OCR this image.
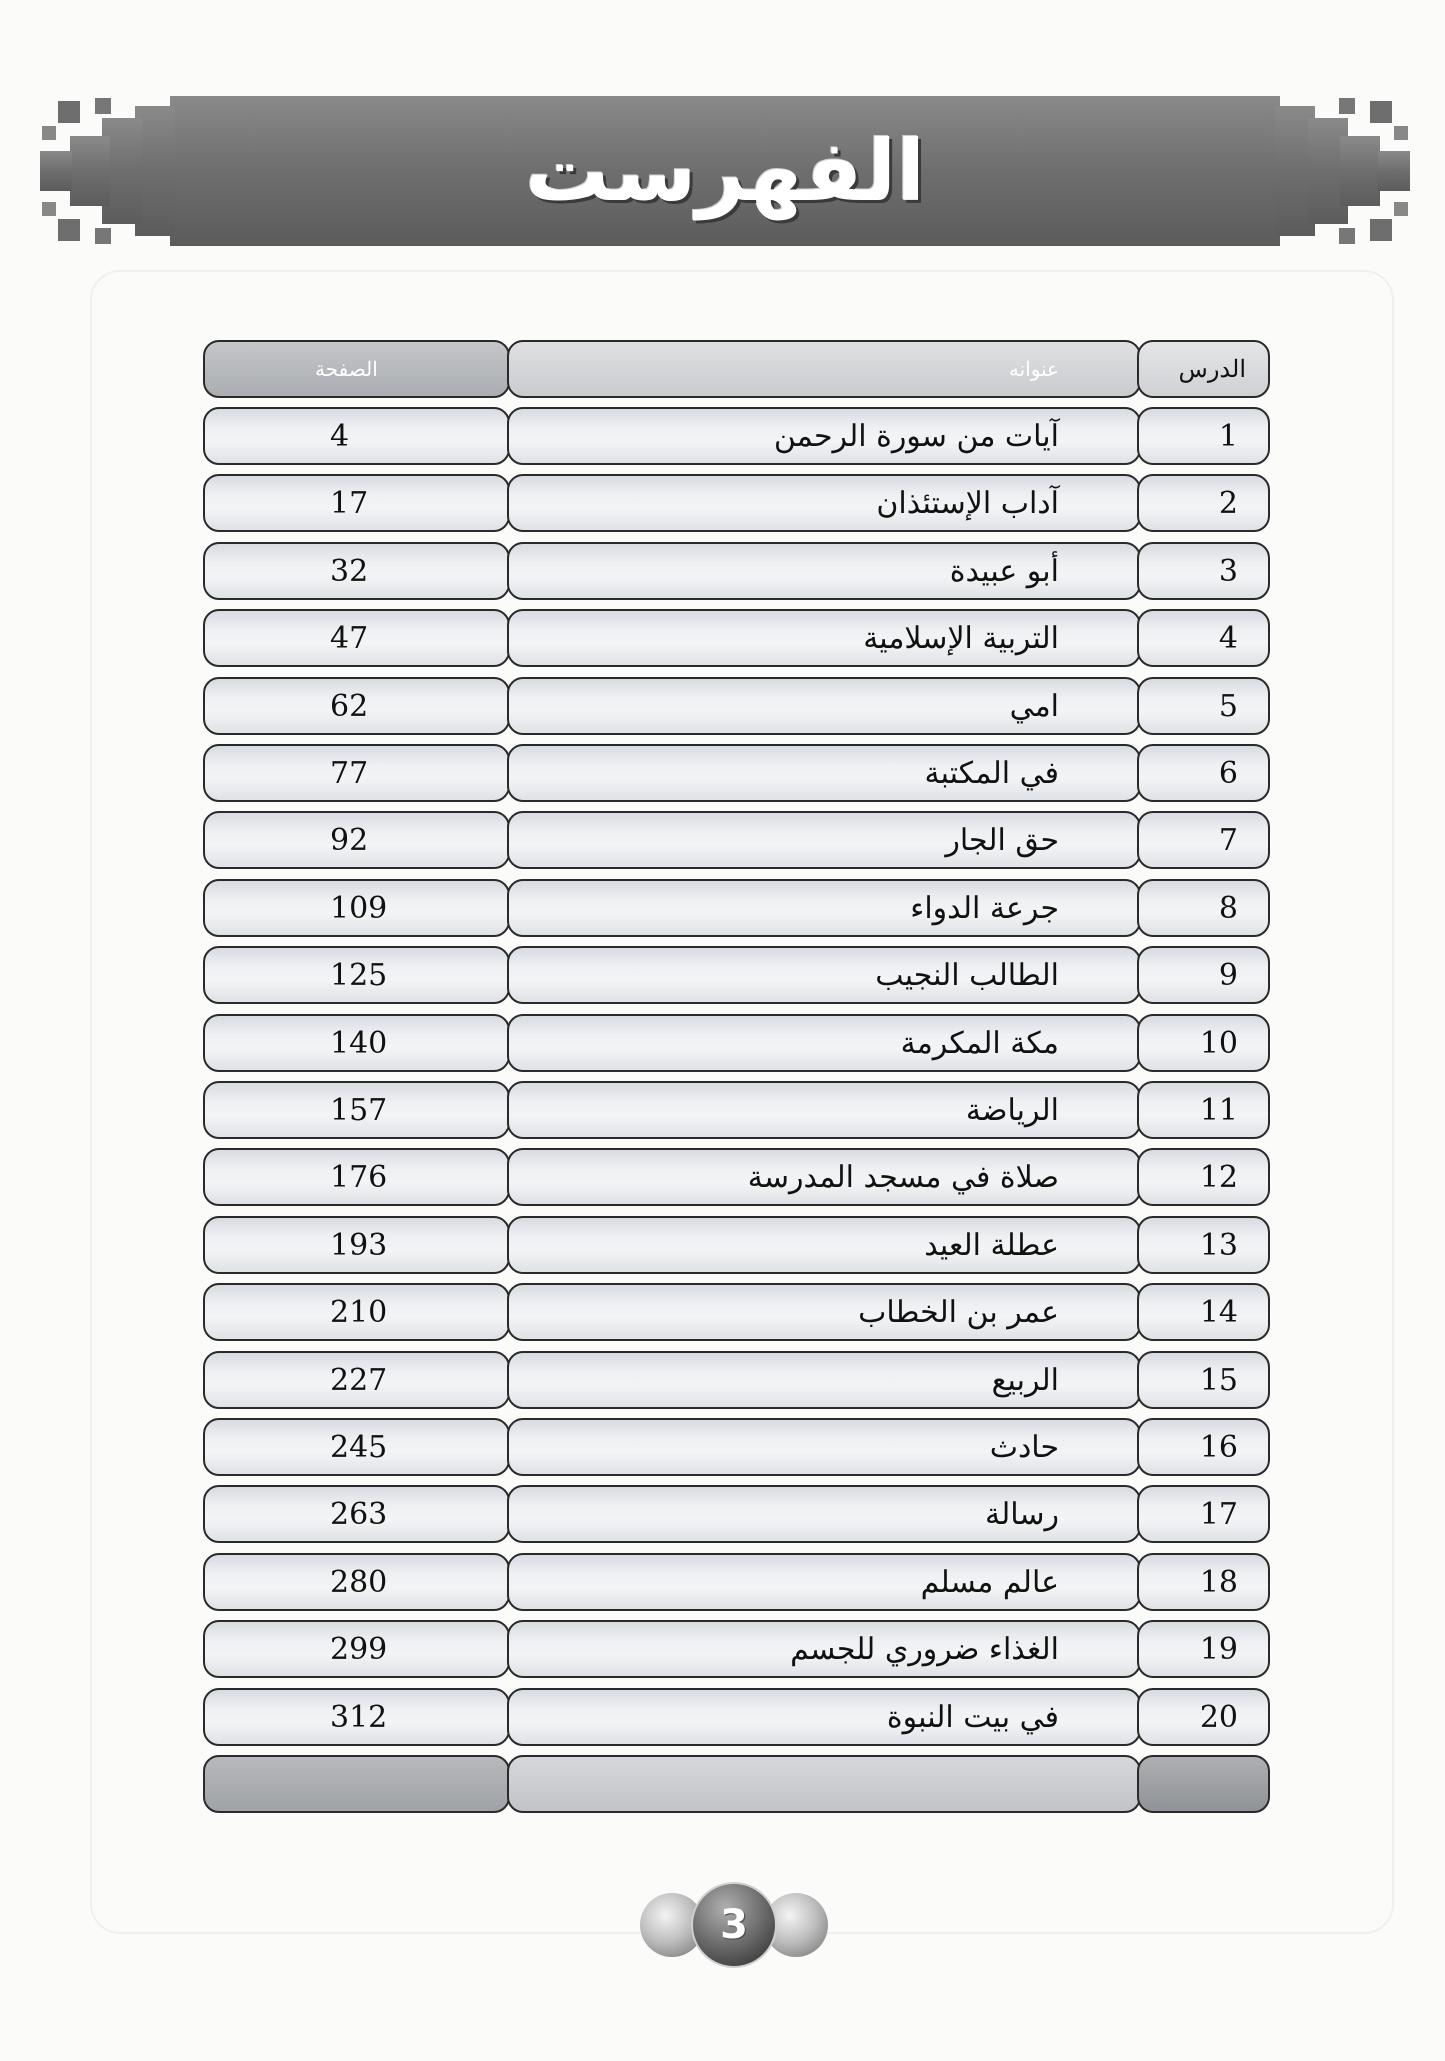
الفهرست
الصفحة	عنوانه	الدرس
4	آيات من سورة الرحمن	1
17	آداب الإستئذان	2
32	أبو عبيدة	3
47	التربية الإسلامية	4
62	امي	5
77	في المكتبة	6
92	حق الجار	7
109	جرعة الدواء	8
125	الطالب النجيب	9
140	مكة المكرمة	10
157	الرياضة	11
176	صلاة في مسجد المدرسة	12
193	عطلة العيد	13
210	عمر بن الخطاب	14
227	الربيع	15
245	حادث	16
263	رسالة	17
280	عالم مسلم	18
299	الغذاء ضروري للجسم	19
312	في بيت النبوة	20
3
